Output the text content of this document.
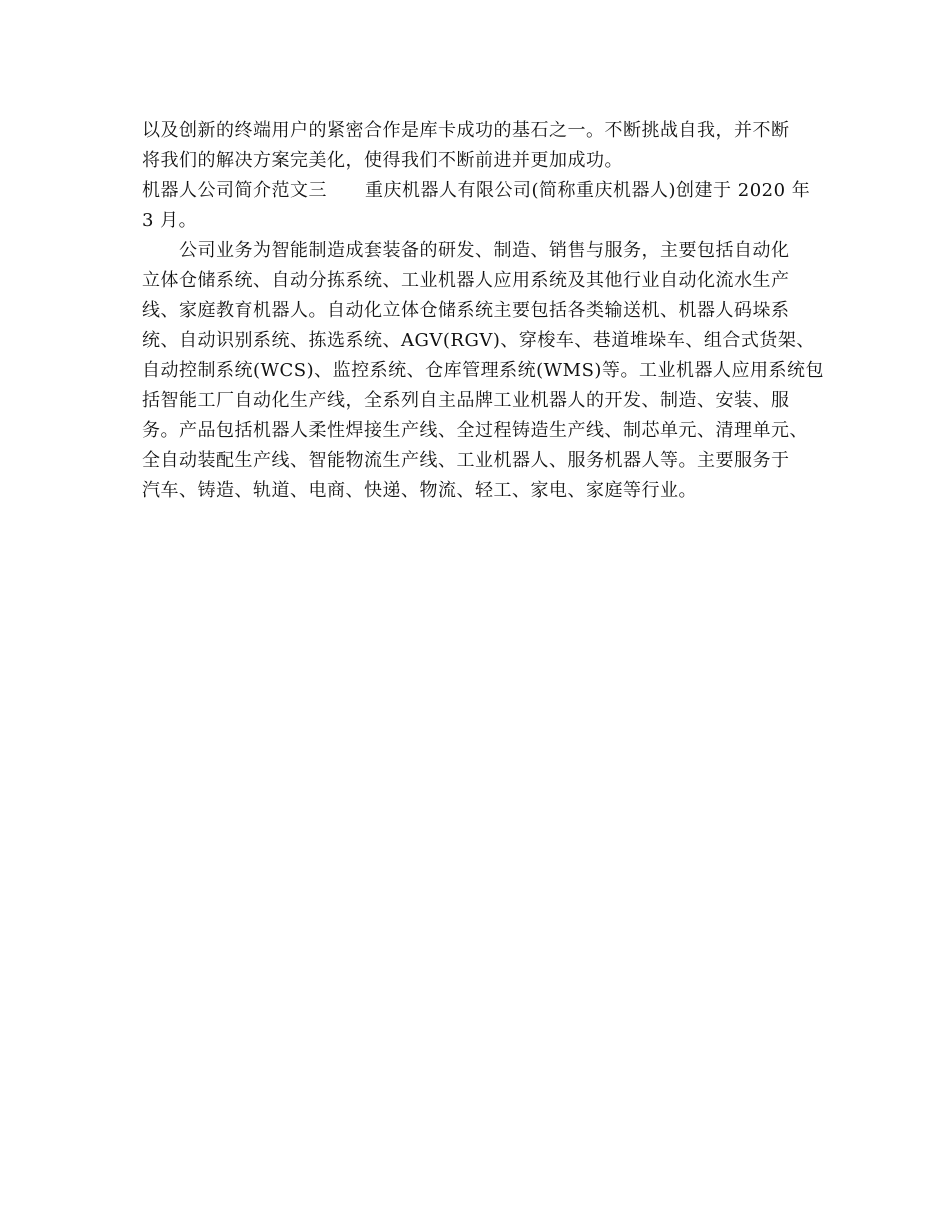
以及创新的终端用户的紧密合作是库卡成功的基石之一。不断挑战自我，并不断
将我们的解决方案完美化，使得我们不断前进并更加成功。
机器人公司简介范文三 重庆机器人有限公司(简称重庆机器人)创建于 2020 年
3 月。
公司业务为智能制造成套装备的研发、制造、销售与服务，主要包括自动化
立体仓储系统、自动分拣系统、工业机器人应用系统及其他行业自动化流水生产
线、家庭教育机器人。自动化立体仓储系统主要包括各类输送机、机器人码垛系
统、自动识别系统、拣选系统、AGV(RGV)、穿梭车、巷道堆垛车、组合式货架、
自动控制系统(WCS)、监控系统、仓库管理系统(WMS)等。工业机器人应用系统包
括智能工厂自动化生产线，全系列自主品牌工业机器人的开发、制造、安装、服
务。产品包括机器人柔性焊接生产线、全过程铸造生产线、制芯单元、清理单元、
全自动装配生产线、智能物流生产线、工业机器人、服务机器人等。主要服务于
汽车、铸造、轨道、电商、快递、物流、轻工、家电、家庭等行业。
